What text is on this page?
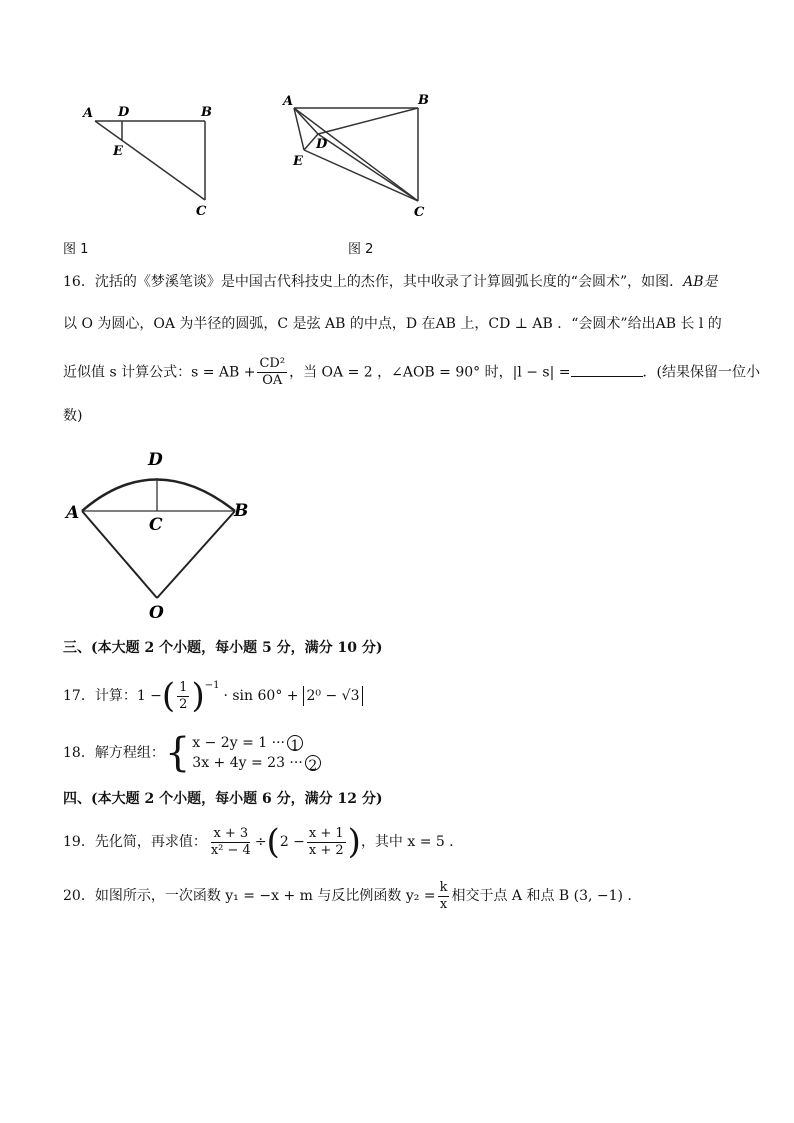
A D	B
E
C
图 1
A	B
D
E
C
图 2
16．沈括的《梦溪笔谈》是中国古代科技史上的杰作，其中收录了计算圆弧长度的“会圆术”，如图．AB是
以 O 为圆心，OA 为半径的圆弧，C 是弦 AB 的中点，D 在AB 上，CD ⊥ AB ．“会圆术”给出AB 长 l 的
近似值 s 计算公式：s = AB + $\frac{\text{CD²}}{OA}$ ，当 OA = 2 ，∠AOB = 90° 时，|l − s| =	．(结果保留一位小
数)
D
A	B
C
O
三、(本大题 2 个小题，每小题 5 分，满分 10 分)
17．计算：1 − ( $\frac{1}{2} )^{-1}$
· sin 60° + 2⁰ − √3
18．解方程组： { x − 2y = 1 ··· 1
3x + 4y = 23 ··· 2
四、(本大题 2 个小题，每小题 6 分，满分 12 分)
19．先化简，再求值： $\frac{x + 3}{\text{x² − 4}}$ ÷ ( $2 - \frac{x + 1}{x + 2}$ ) ，其中 x = 5 ．
20．如图所示，一次函数 y₁ = −x + m 与反比例函数 $y_2 = \frac{k}{x}$ 相交于点 A 和点 B (3, −1) ．
